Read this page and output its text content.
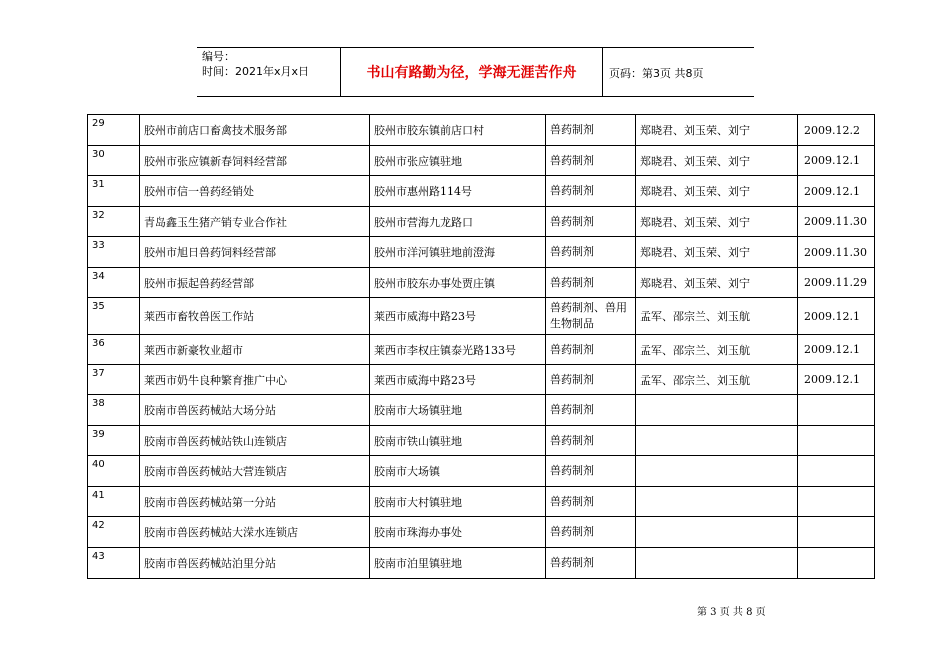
编号：
时间：2021年x月x日	书山有路勤为径，学海无涯苦作舟	页码：第3页 共8页
29	胶州市前店口畜禽技术服务部	胶州市胶东镇前店口村	兽药制剂	郑晓君、刘玉荣、刘宁	2009.12.2
30	胶州市张应镇新春饲料经营部	胶州市张应镇驻地	兽药制剂	郑晓君、刘玉荣、刘宁	2009.12.1
31	胶州市信一兽药经销处	胶州市惠州路114号	兽药制剂	郑晓君、刘玉荣、刘宁	2009.12.1
32	青岛鑫玉生猪产销专业合作社	胶州市营海九龙路口	兽药制剂	郑晓君、刘玉荣、刘宁	2009.11.30
33	胶州市旭日兽药饲料经营部	胶州市洋河镇驻地前澄海	兽药制剂	郑晓君、刘玉荣、刘宁	2009.11.30
34	胶州市振起兽药经营部	胶州市胶东办事处贾庄镇	兽药制剂	郑晓君、刘玉荣、刘宁	2009.11.29
35	莱西市畜牧兽医工作站	莱西市威海中路23号	兽药制剂、兽用生物制品	孟军、邵宗兰、刘玉航	2009.12.1
36	莱西市新豪牧业超市	莱西市李权庄镇泰光路133号	兽药制剂	孟军、邵宗兰、刘玉航	2009.12.1
37	莱西市奶牛良种繁育推广中心	莱西市威海中路23号	兽药制剂	孟军、邵宗兰、刘玉航	2009.12.1
38	胶南市兽医药械站大场分站	胶南市大场镇驻地	兽药制剂		
39	胶南市兽医药械站铁山连锁店	胶南市铁山镇驻地	兽药制剂		
40	胶南市兽医药械站大营连锁店	胶南市大场镇	兽药制剂		
41	胶南市兽医药械站第一分站	胶南市大村镇驻地	兽药制剂		
42	胶南市兽医药械站大溁水连锁店	胶南市珠海办事处	兽药制剂		
43	胶南市兽医药械站泊里分站	胶南市泊里镇驻地	兽药制剂		
第 3 页 共 8 页
